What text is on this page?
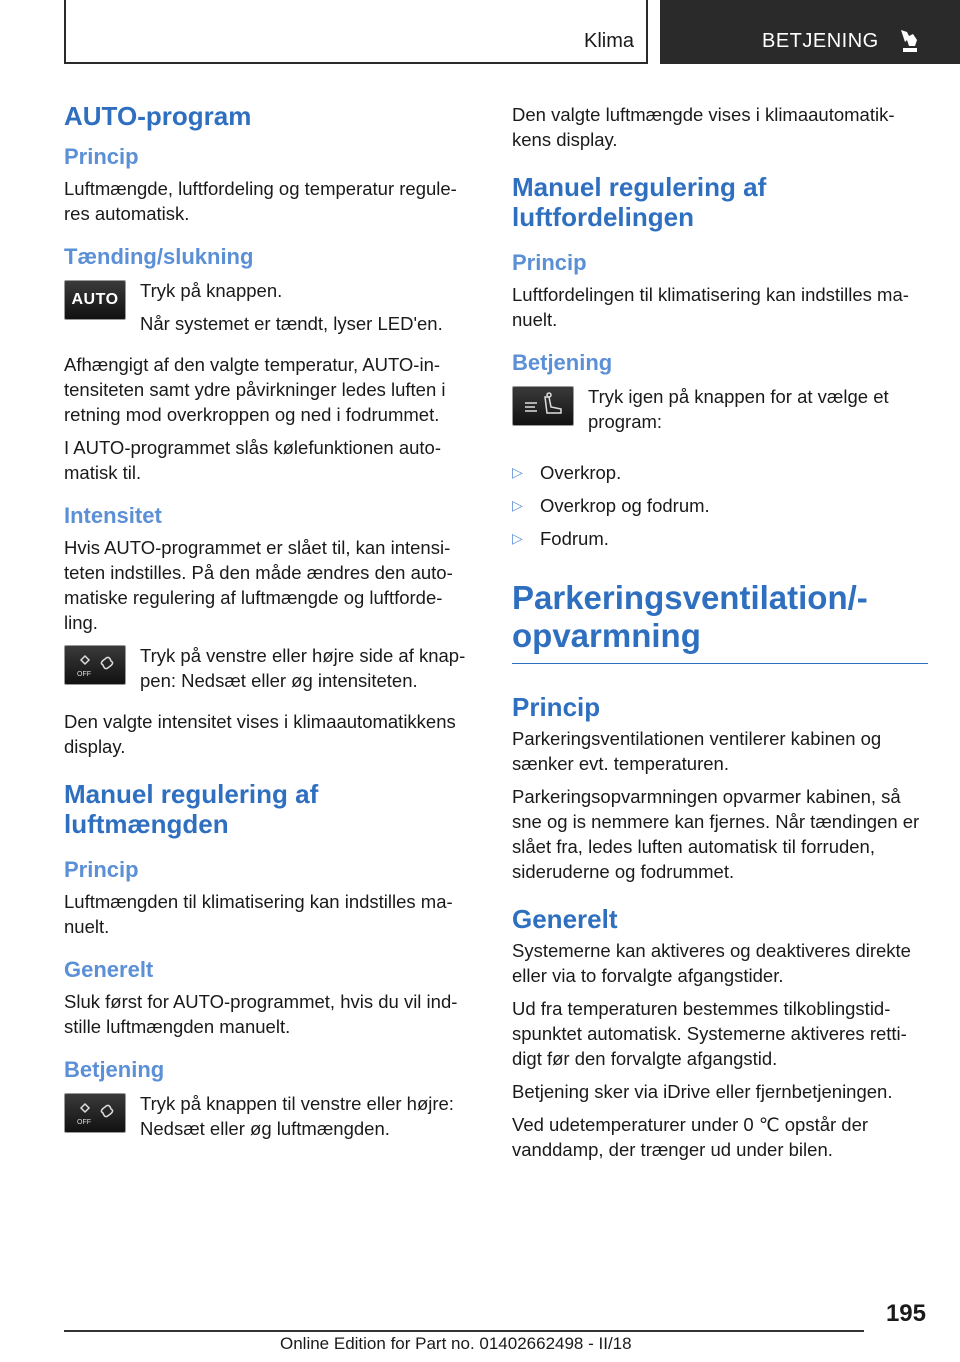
Klima	BETJENING
AUTO-program
Princip

Luftmængde, luftfordeling og temperatur regule-res automatisk.

Tænding/slukning
AUTO Tryk på knappen.

Når systemet er tændt, lyser LED'en.

Afhængigt af den valgte temperatur, AUTO-in-tensiteten samt ydre påvirkninger ledes luften i retning mod overkroppen og ned i fodrummet.

I AUTO-programmet slås kølefunktionen auto-matisk til.

Intensitet

Hvis AUTO-programmet er slået til, kan intensi-teten indstilles. På den måde ændres den auto-matiske regulering af luftmængde og luftforde-ling.

OFF

Tryk på venstre eller højre side af knap-pen: Nedsæt eller øg intensiteten.

Den valgte intensitet vises i klimaautomatikkens display.

Manuel regulering af luftmængden
Princip

Luftmængden til klimatisering kan indstilles ma-nuelt.

Generelt

Sluk først for AUTO-programmet, hvis du vil ind-stille luftmængden manuelt.

Betjening
OFF

Tryk på knappen til venstre eller højre: Nedsæt eller øg luftmængden.

Den valgte luftmængde vises i klimaautomatik-kens display.

Manuel regulering af luftfordelingen
Princip

Luftfordelingen til klimatisering kan indstilles ma-nuelt.

Betjening

Tryk igen på knappen for at vælge et program:

▷ Overkrop.
▷ Overkrop og fodrum.
▷ Fodrum.
Parkeringsventilation/-opvarmning
Princip

Parkeringsventilationen ventilerer kabinen og sænker evt. temperaturen.

Parkeringsopvarmningen opvarmer kabinen, så sne og is nemmere kan fjernes. Når tændingen er slået fra, ledes luften automatisk til forruden, sideruderne og fodrummet.

Generelt

Systemerne kan aktiveres og deaktiveres direkte eller via to forvalgte afgangstider.

Ud fra temperaturen bestemmes tilkoblingstid-spunktet automatisk. Systemerne aktiveres retti-digt før den forvalgte afgangstid.

Betjening sker via iDrive eller fjernbetjeningen.

Ved udetemperaturer under 0 ℃ opstår der vanddamp, der trænger ud under bilen.

195
Online Edition for Part no. 01402662498 - II/18
